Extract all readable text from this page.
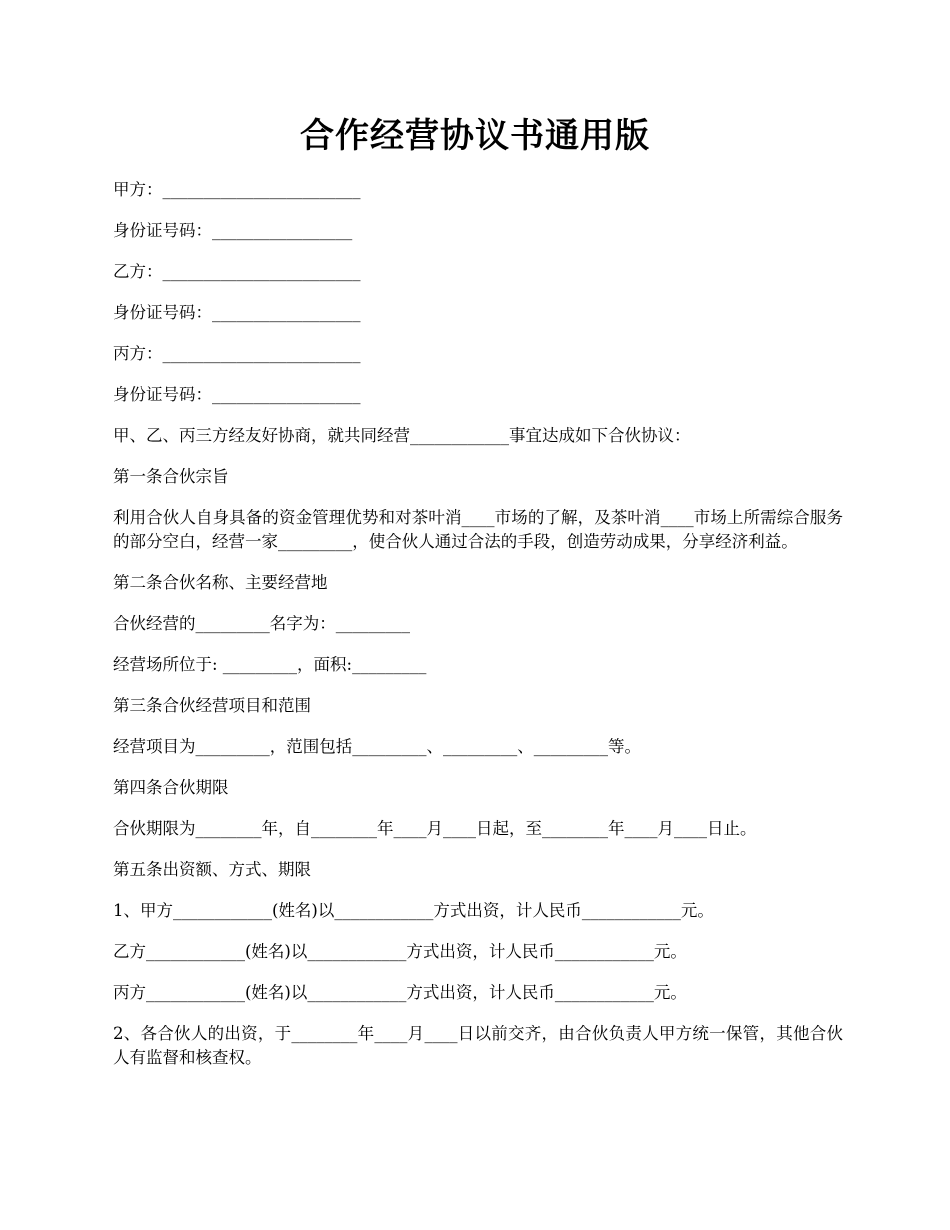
合作经营协议书通用版

甲方：________________________

身份证号码：_________________

乙方：________________________

身份证号码：__________________

丙方：________________________

身份证号码：__________________

甲、乙、丙三方经友好协商，就共同经营____________事宜达成如下合伙协议：

第一条合伙宗旨

利用合伙人自身具备的资金管理优势和对茶叶消____市场的了解，及茶叶消____市场上所需综合服务的部分空白，经营一家_________，使合伙人通过合法的手段，创造劳动成果，分享经济利益。

第二条合伙名称、主要经营地

合伙经营的_________名字为：_________

经营场所位于: _________，面积:_________

第三条合伙经营项目和范围

经营项目为_________，范围包括_________、_________、_________等。

第四条合伙期限

合伙期限为________年，自________年____月____日起，至________年____月____日止。

第五条出资额、方式、期限

1、甲方____________(姓名)以____________方式出资，计人民币____________元。

乙方____________(姓名)以____________方式出资，计人民币____________元。

丙方____________(姓名)以____________方式出资，计人民币____________元。

2、各合伙人的出资，于________年____月____日以前交齐，由合伙负责人甲方统一保管，其他合伙人有监督和核查权。
